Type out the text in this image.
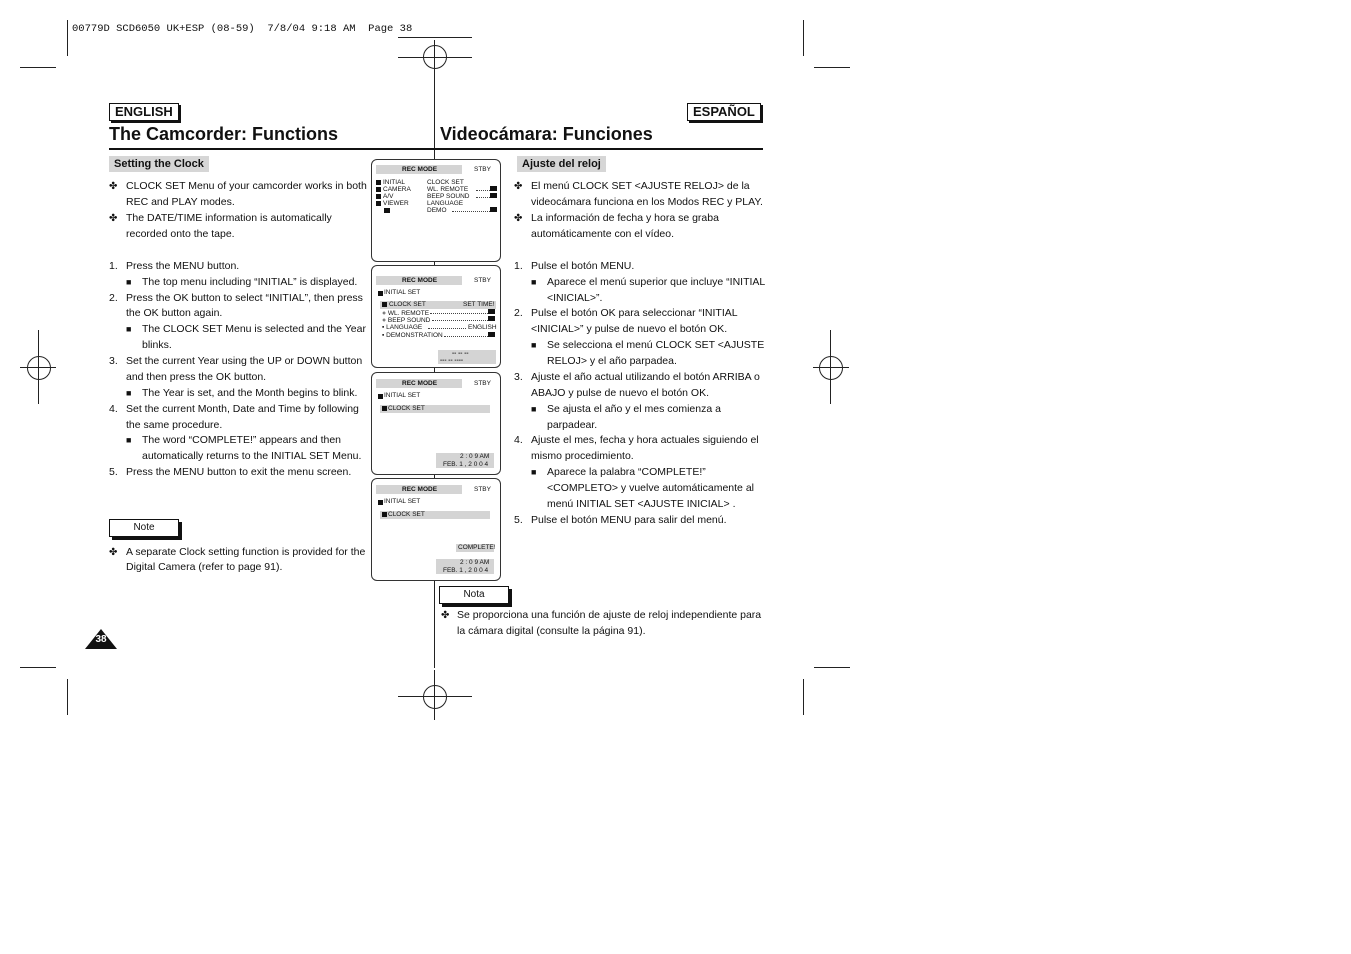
00779D SCD6050 UK+ESP (08-59)  7/8/04 9:18 AM  Page 38
ENGLISH	ESPAÑOL
The Camcorder: Functions	Videocámara: Funciones
Setting the Clock	Ajuste del reloj
✤ CLOCK SET Menu of your camcorder works in both
REC and PLAY modes.
✤ The DATE/TIME information is automatically
recorded onto the tape.
1. Press the MENU button.
■ The top menu including “INITIAL” is displayed.
2. Press the OK button to select “INITIAL”, then press
the OK button again.
■ The CLOCK SET Menu is selected and the Year
blinks.
3. Set the current Year using the UP or DOWN button
and then press the OK button.
■ The Year is set, and the Month begins to blink.
4. Set the current Month, Date and Time by following
the same procedure.
■ The word “COMPLETE!” appears and then
automatically returns to the INITIAL SET Menu.
5. Press the MENU button to exit the menu screen.
Note
✤ A separate Clock setting function is provided for the
Digital Camera (refer to page 91).
38
✤ El menú CLOCK SET <AJUSTE RELOJ> de la
videocámara funciona en los Modos REC y PLAY.
✤ La información de fecha y hora se graba
automáticamente con el vídeo.
1. Pulse el botón MENU.
■ Aparece el menú superior que incluye “INITIAL
<INICIAL>”.
2. Pulse el botón OK para seleccionar “INITIAL
<INICIAL>” y pulse de nuevo el botón OK.
■ Se selecciona el menú CLOCK SET <AJUSTE
RELOJ> y el año parpadea.
3. Ajuste el año actual utilizando el botón ARRIBA o
ABAJO y pulse de nuevo el botón OK.
■ Se ajusta el año y el mes comienza a
parpadear.
4. Ajuste el mes, fecha y hora actuales siguiendo el
mismo procedimiento.
■ Aparece la palabra “COMPLETE!”
<COMPLETO> y vuelve automáticamente al
menú INITIAL SET <AJUSTE INICIAL> .
5. Pulse el botón MENU para salir del menú.
Nota
✤ Se proporciona una función de ajuste de reloj independiente para
la cámara digital (consulte la página 91).
REC MODE	STBY
INITIAL
CAMERA
A/V
VIEWER
CLOCK SET
WL. REMOTE
BEEP SOUND
LANGUAGE
DEMO
REC MODE	STBY
INITIAL SET
CLOCK SET	SET TIME!
⋄ WL. REMOTE
⋄ BEEP SOUND
▪ LANGUAGE	ENGLISH
▪ DEMONSTRATION
-- -- --
--- -- ----
REC MODE	STBY
INITIAL SET
CLOCK SET
2 : 0 9 AM
FEB. 1 , 2 0 0 4
REC MODE	STBY
INITIAL SET
CLOCK SET
COMPLETE!
2 : 0 9 AM
FEB. 1 , 2 0 0 4
